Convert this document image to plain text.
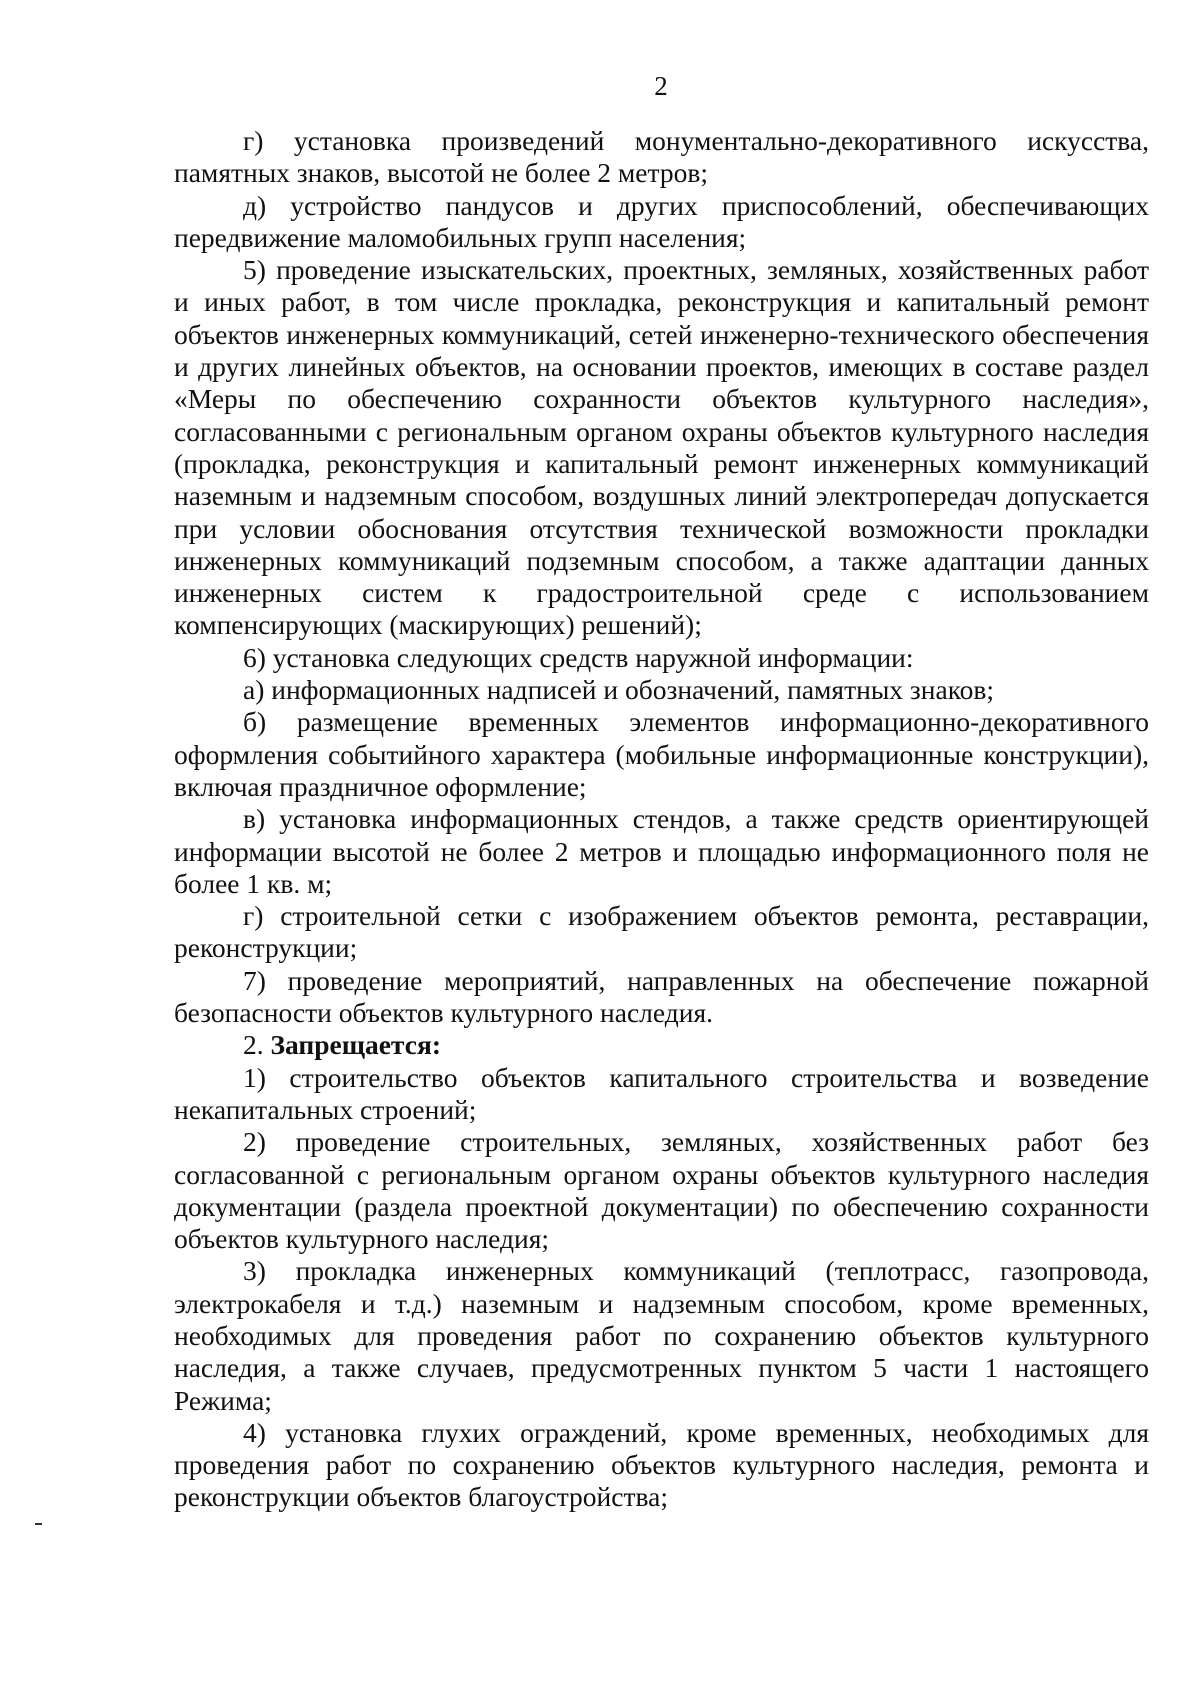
2

г) установка произведений монументально-декоративного искусства, памятных знаков, высотой не более 2 метров;

д) устройство пандусов и других приспособлений, обеспечивающих передвижение маломобильных групп населения;

5) проведение изыскательских, проектных, земляных, хозяйственных работ и иных работ, в том числе прокладка, реконструкция и капитальный ремонт объектов инженерных коммуникаций, сетей инженерно-технического обеспечения и других линейных объектов, на основании проектов, имеющих в составе раздел «Меры по обеспечению сохранности объектов культурного наследия», согласованными с региональным органом охраны объектов культурного наследия (прокладка, реконструкция и капитальный ремонт инженерных коммуникаций наземным и надземным способом, воздушных линий электропередач допускается при условии обоснования отсутствия технической возможности прокладки инженерных коммуникаций подземным способом, а также адаптации данных инженерных систем к градостроительной среде с использованием компенсирующих (маскирующих) решений);

6) установка следующих средств наружной информации:

а) информационных надписей и обозначений, памятных знаков;

б) размещение временных элементов информационно-декоративного оформления событийного характера (мобильные информационные конструкции), включая праздничное оформление;

в) установка информационных стендов, а также средств ориентирующей информации высотой не более 2 метров и площадью информационного поля не более 1 кв. м;

г) строительной сетки с изображением объектов ремонта, реставрации, реконструкции;

7) проведение мероприятий, направленных на обеспечение пожарной безопасности объектов культурного наследия.

2. Запрещается:

1) строительство объектов капитального строительства и возведение некапитальных строений;

2) проведение строительных, земляных, хозяйственных работ без согласованной с региональным органом охраны объектов культурного наследия документации (раздела проектной документации) по обеспечению сохранности объектов культурного наследия;

3) прокладка инженерных коммуникаций (теплотрасс, газопровода, электрокабеля и т.д.) наземным и надземным способом, кроме временных, необходимых для проведения работ по сохранению объектов культурного наследия, а также случаев, предусмотренных пунктом 5 части 1 настоящего Режима;

4) установка глухих ограждений, кроме временных, необходимых для проведения работ по сохранению объектов культурного наследия, ремонта и реконструкции объектов благоустройства;
